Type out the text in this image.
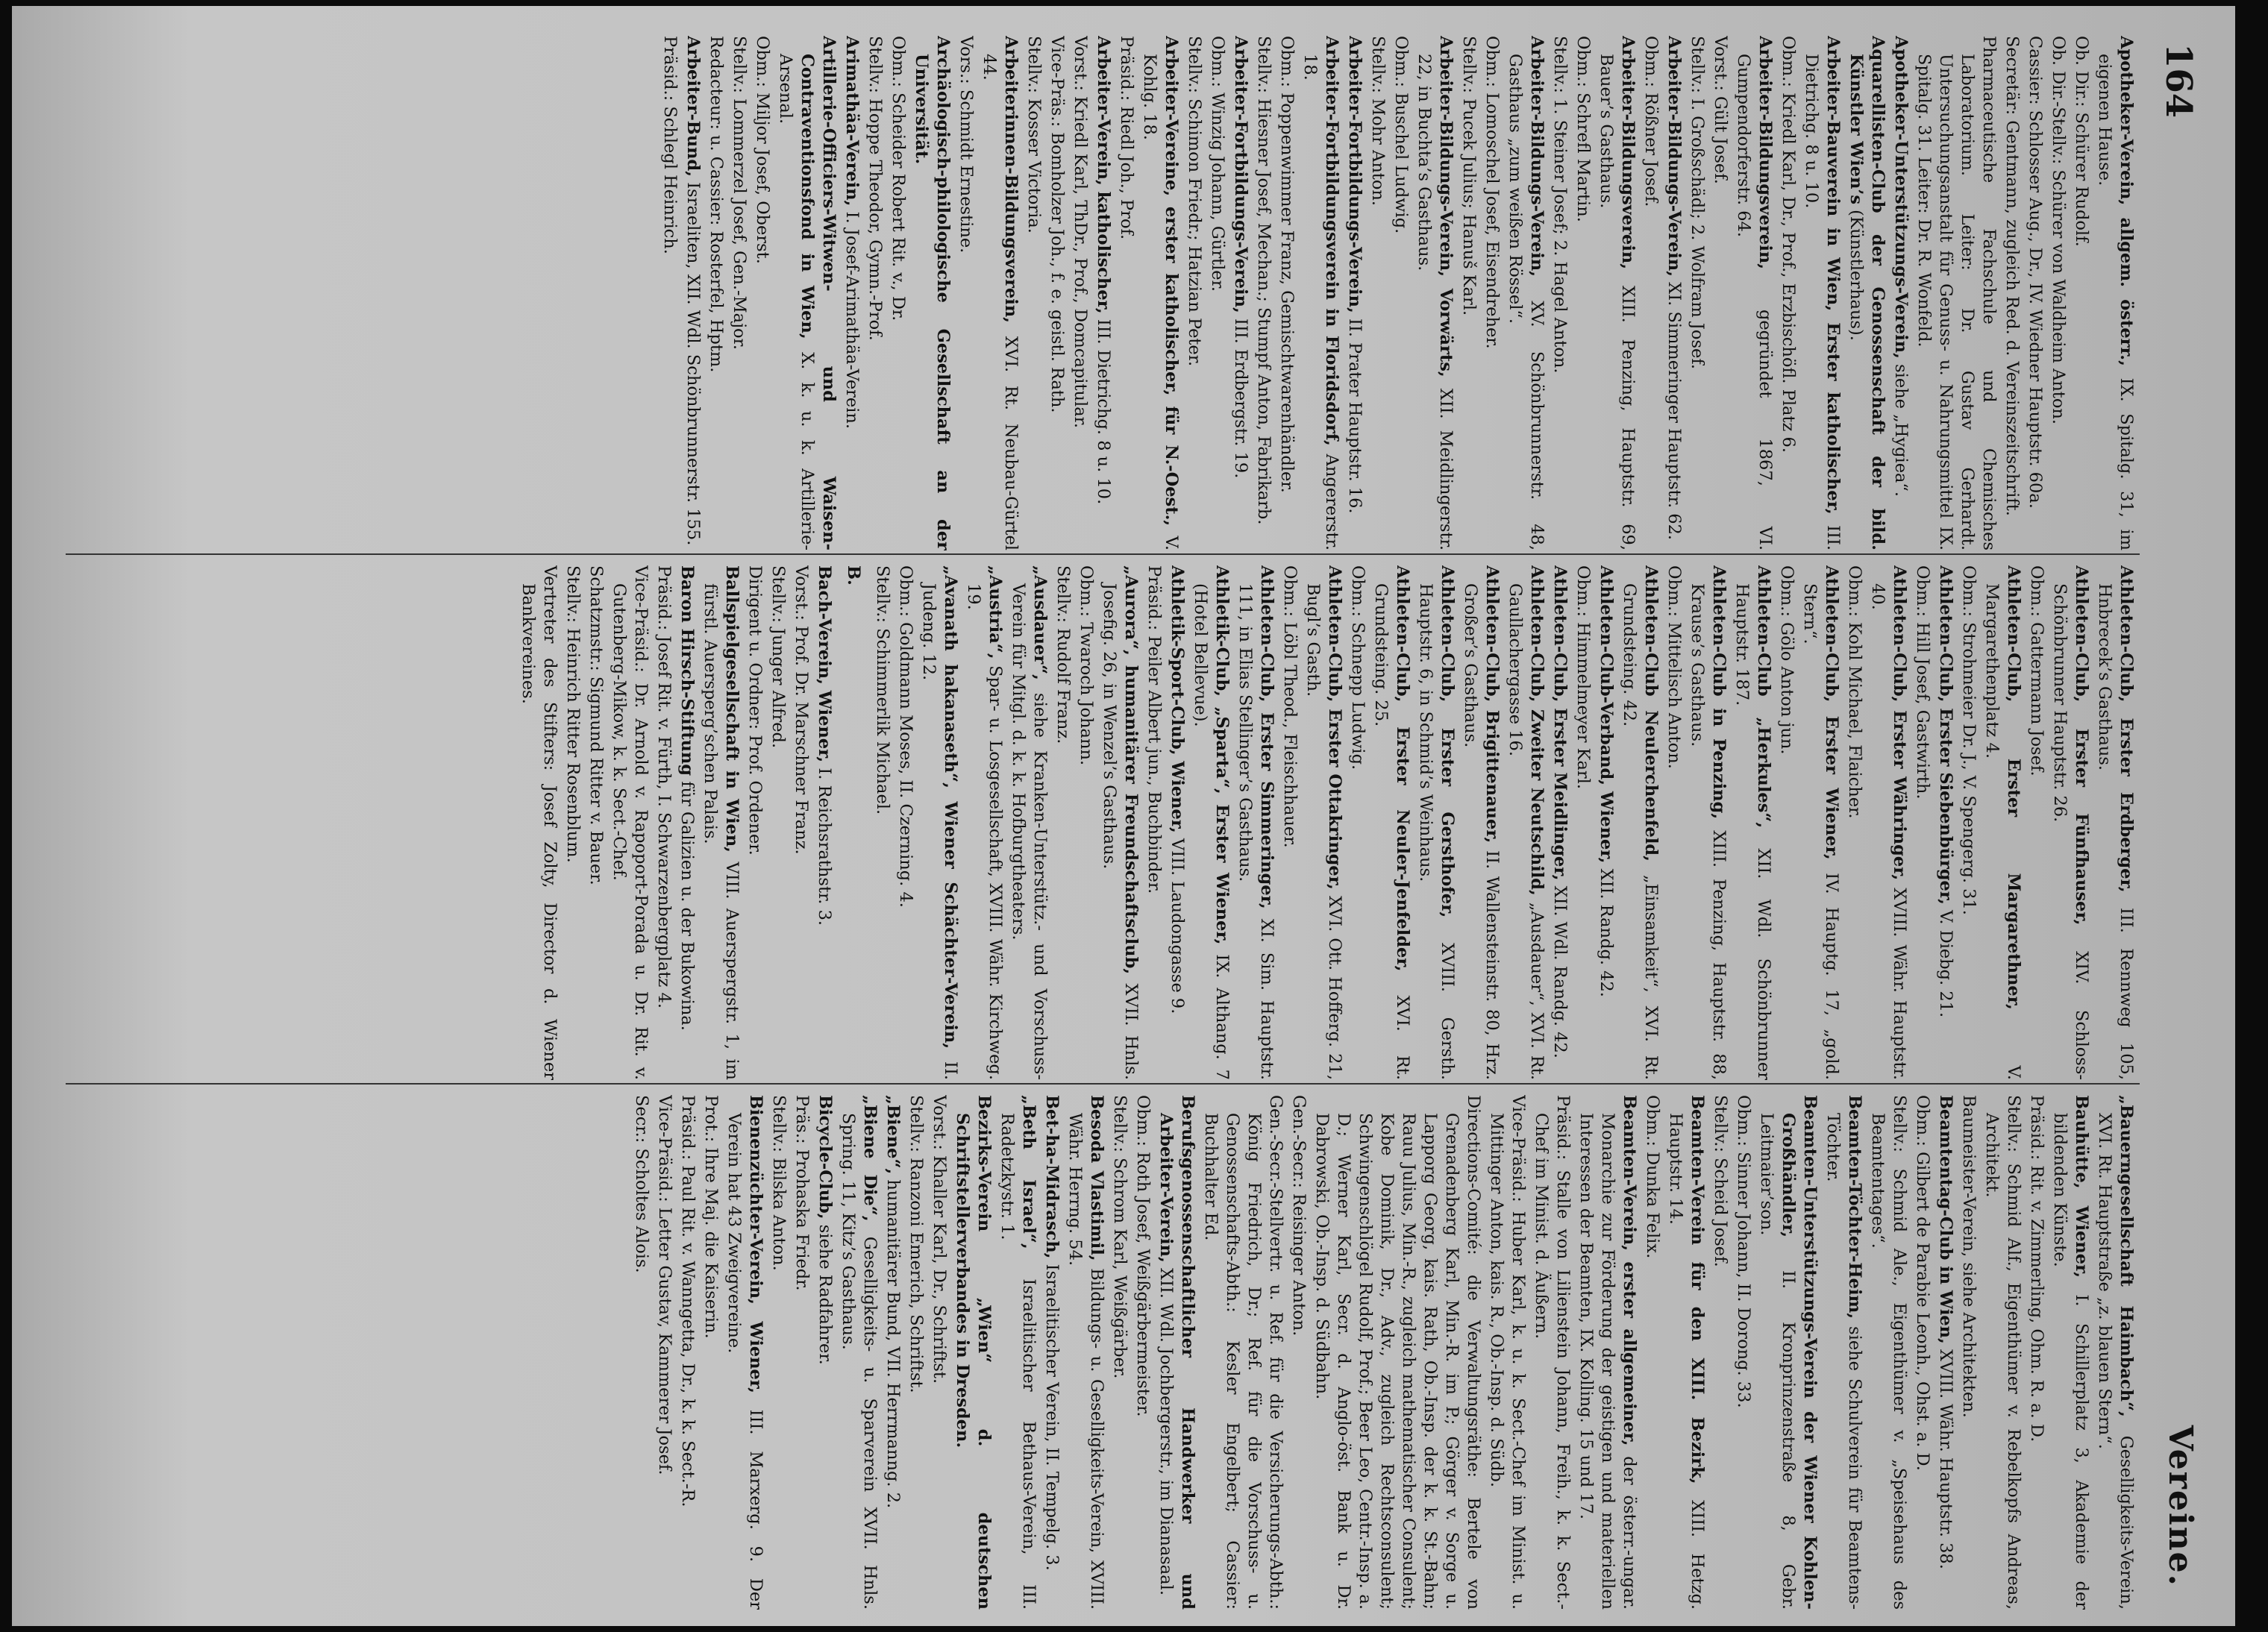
164
Vereine.

Apotheker-Verein, allgem. österr., IX. Spitalg. 31, im eigenen Hause.

Ob. Dir.: Schürer Rudolf.

Ob. Dir.-Stellv.: Schürer von Waldheim Anton.

Cassier: Schlosser Aug., Dr., IV. Wiedner Hauptstr. 60a.

Secretär: Gentmann, zugleich Red. d. Vereinszeitschrift.

Pharmaceutische Fachschule und Chemisches Laboratorium. Leiter: Dr. Gustav Gerhardt. Untersuchungsanstalt für Genuss- u. Nahrungsmittel IX. Spitalg. 31. Leiter: Dr. R. Wonfeld.

Apotheker-Unterstützungs-Verein, siehe „Hygiea“.

Aquarellisten-Club der Genossenschaft der bild. Künstler Wien’s (Künstlerhaus).

Arbeiter-Bauverein in Wien, Erster katholischer, III. Dietrichg. 8 u. 10.

Obm.: Kriedl Karl, Dr., Prof., Erzbischöfl. Platz 6.

Arbeiter-Bildungsverein, gegründet 1867, VI. Gumpendorferstr. 64.

Vorst.: Gült Josef.

Stellv.: I. Großschädl; 2. Wolfram Josef.

Arbeiter-Bildungs-Verein, XI. Simmeringer Hauptstr. 62.

Obm.: Rößner Josef.

Arbeiter-Bildungsverein, XIII. Penzing, Hauptstr. 69, Bauer’s Gasthaus.

Obm.: Schrefl Martin.

Stellv.: 1. Steiner Josef; 2. Hagel Anton.

Arbeiter-Bildungs-Verein, XV. Schönbrunnerstr. 48, Gasthaus „zum weißen Rössel“.

Obm.: Lomoschel Josef, Eisendreher.

Stellv.: Pucek Julius; Hanuš Karl.

Arbeiter-Bildungs-Verein, Vorwärts, XII. Meidlingerstr. 22, in Buchta’s Gasthaus.

Obm.: Buschel Ludwig.

Stellv.: Mohr Anton.

Arbeiter-Fortbildungs-Verein, II. Prater Hauptstr. 16.

Arbeiter-Fortbildungsverein in Floridsdorf, Angererstr. 18.

Obm.: Poppenwimmer Franz, Gemischtwarenhändler.

Stellv.: Hiesner Josef, Mechan.; Stumpf Anton, Fabrikarb.

Arbeiter-Fortbildungs-Verein, III. Erdbergstr. 19.

Obm.: Winzig Johann, Gürtler.

Stellv.: Schimon Friedr.; Hatzian Peter.

Arbeiter-Vereine, erster katholischer, für N.-Oest., V. Kohlg. 18.

Präsid.: Riedl Joh., Prof.

Arbeiter-Verein, katholischer, III. Dietrichg. 8 u. 10.

Vorst.: Kriedl Karl, ThDr., Prof., Domcapitular.

Vice-Präs.: Bomholzer Joh., f. e. geistl. Rath.

Stellv.: Kosser Victoria.

Arbeiterinnen-Bildungsverein, XVI. Rt. Neubau-Gürtel 44.

Vors.: Schmidt Ernestine.

Archäologisch-philologische Gesellschaft an der Universität.

Obm.: Scheider Robert Rit. v., Dr.

Stellv.: Hoppe Theodor, Gymn.-Prof.

Arimathäa-Verein, I. Josef-Arimathäa-Verein.

Artillerie-Officiers-Witwen- und Waisen-Contraventionsfond in Wien, X. k. u. k. Artillerie-Arsenal.

Obm.: Miljor Josef, Oberst.

Stellv.: Lommerzel Josef, Gen.-Major.

Redacteur: u. Cassier: Rosterfel, Hptm.

Arbeiter-Bund, Israeliten, XII. Wdl. Schönbrunnerstr. 155.

Präsid.: Schlegl Heinrich.

Athleten-Club, Erster Erdberger, III. Rennweg 105, Hnbrecek’s Gasthaus.

Athleten-Club, Erster Fünfhauser, XIV. Schloss-Schönbrunner Hauptstr. 26.

Obm.: Gattermann Josef.

Athleten-Club, Erster Margarethner, V. Margarethenplatz 4.

Obm.: Strohmeier Dr. J., V. Spengerg. 31.

Athleten-Club, Erster Siebenbürger, V. Diebg. 21.

Obm.: Hill Josef, Gastwirth.

Athleten-Club, Erster Währinger, XVIII. Währ. Hauptstr. 40.

Obm.: Kohl Michael, Flaicher.

Athleten-Club, Erster Wiener, IV. Hauptg. 17, „gold. Stern“.

Obm.: Gölo Anton jun.

Athleten-Club „Herkules“, XII. Wdl. Schönbrunner Hauptstr. 187.

Athleten-Club in Penzing, XIII. Penzing, Hauptstr. 88, Krause’s Gasthaus.

Obm.: Mittelisch Anton.

Athleten-Club Neulerchenfeld, „Einsamkeit“, XVI. Rt. Grundsteing. 42.

Athleten-Club-Verband, Wiener, XII. Randg. 42.

Obm.: Himmelmeyer Karl.

Athleten-Club, Erster Meidlinger, XII. Wdl. Randg. 42.

Athleten-Club, Zweiter Neutschild, „Ausdauer“, XVI. Rt. Gaullachergasse 16.

Athleten-Club, Brigittenauer, II. Wallensteinstr. 80, Hrz. Großer’s Gasthaus.

Athleten-Club, Erster Gersthofer, XVIII. Gersth. Hauptstr. 6, in Schmid’s Weinhaus.

Athleten-Club, Erster Neuler-Jenfelder, XVI. Rt. Grundsteing. 25.

Obm.: Schnepp Ludwig.

Athleten-Club, Erster Ottakringer, XVI. Ott. Hofferg. 21, Bugl’s Gasth.

Obm.: Löbl Theod., Fleischhauer.

Athleten-Club, Erster Simmeringer, XI. Sim. Hauptstr. 111, in Elias Stellinger’s Gasthaus.

Athletik-Club, „Sparta“, Erster Wiener, IX. Althang. 7 (Hotel Bellevue).

Athletik-Sport-Club, Wiener, VIII. Laudongasse 9.

Präsid.: Peiler Albert jun., Buchbinder.

„Aurora“, humanitärer Freundschaftsclub, XVII. Hnls. Josefig. 26, in Wenzel’s Gasthaus.

Obm.: Twaroch Johann.

Stellv.: Rudolf Franz.

„Ausdauer“, siehe Kranken-Unterstütz.- und Vorschuss-Verein für Mitgl. d. k. k. Hofburgtheaters.

„Austria“, Spar- u. Losgesellschaft, XVIII. Währ. Kirchweg. 19.

„Avanath hakanaseth“, Wiener Schächter-Verein, II. Judeng. 12.

Obm.: Goldmann Moses, II. Czerning. 4.

Stellv.: Schimmerlik Michael.

B.

Bach-Verein, Wiener, I. Reichsrathstr. 3.

Vorst.: Prof. Dr. Marschner Franz.

Stellv.: Junger Alfred.

Dirigent u. Ordner: Prof. Ordener.

Ballspielgesellschaft in Wien, VIII. Auerspergstr. 1, im fürstl. Auersperg’schen Palais.

Baron Hirsch-Stiftung für Galizien u. der Bukowina.

Präsid.: Josef Rit. v. Fürth, I. Schwarzenbergplatz 4.

Vice-Präsid.: Dr. Arnold v. Rapoport-Porada u. Dr. Rit. v. Gutenberg-Mikow, k. k. Sect.-Chef.

Schatzmstr.: Sigmund Ritter v. Bauer.

Stellv.: Heinrich Ritter Rosenblum.

Vertreter des Stifters: Josef Zolty, Director d. Wiener Bankvereines.

„Bauerngesellschaft Haimbach“, Geselligkeits-Verein, XVI. Rt. Hauptstraße „z. blauen Stern“.

Bauhütte, Wiener, I. Schillerplatz 3, Akademie der bildenden Künste.

Präsid.: Rit. v. Zimmerling, Ohm. R. a. D.

Stellv.: Schmid Alf., Eigenthümer v. Rebelkopfs Andreas, Architekt.

Baumeister-Verein, siehe Architekten.

Beamtentag-Club in Wien, XVIII. Währ. Hauptstr. 38.

Obm.: Gilbert de Parabie Leonh., Ohst. a. D.

Stellv.: Schmid Ale., Eigenthümer v. „Speisehaus des Beamtentages“.

Beamten-Töchter-Heim, siehe Schulverein für Beamtens-Töchter.

Beamten-Unterstützungs-Verein der Wiener Kohlen-Großhändler, II. Kronprinzenstraße 8, Gebr. Leitmaier’son.

Obm.: Sinner Johann, II. Dorong. 33.

Stellv.: Scheid Josef.

Beamten-Verein für den XIII. Bezirk, XIII. Hetzg. Hauptstr. 14.

Obm.: Dunka Felix.

Beamten-Verein, erster allgemeiner, der österr.-ungar. Monarchie zur Förderung der geistigen und materiellen Interessen der Beamten, IX. Kolling. 15 und 17.

Präsid.: Stalle von Lilienstein Johann, Freih., k. k. Sect.-Chef im Minist. d. Äußern.

Vice-Präsid.: Huber Karl, k. u. k. Sect.-Chef im Minist. u. Mittinger Anton, kais. R., Ob.-Insp. d. Südb.

Directions-Comité: die Verwaltungsräthe: Bertele von Grenadenberg Karl, Min.-R. im P.; Görger v. Sorge u. Lapporg Georg, kais. Rath, Ob.-Insp. der k. k. St.-Bahn; Rauu Julius, Min.-R., zugleich mathematischer Consulent; Kobe Dominik, Dr., Adv., zugleich Rechtsconsulent; Schwingenschlögel Rudolf, Prof.; Beer Leo, Centr.-Insp. a. D.; Werner Karl, Secr. d. Anglo-öst. Bank u. Dr. Dabrowski, Ob.-Insp. d. Südbahn.

Gen.-Secr.: Reisinger Anton.

Gen.-Secr.-Stellvertr. u. Ref. für die Versicherungs-Abth.: König Friedrich, Dr.; Ref. für die Vorschuss- u. Genossenschafts-Abth.: Kesler Engelbert; Cassier: Buchhalter Ed.

Berufsgenossenschaftlicher Handwerker und Arbeiter-Verein, XII. Wdl. Jochbergerstr., im Dianasaal.

Obm.: Roth Josef, Weißgärbermeister.

Stellv.: Schrom Karl, Weißgärber.

Besoda Vlastimil, Bildungs- u. Geselligkeits-Verein, XVIII. Währ. Herrng. 54.

Bet-ha-Midrasch, Israelitischer Verein, II. Tempelg. 3.

„Beth Israel“, Israelitischer Bethaus-Verein, III. Radetzkystr. 1.

Bezirks-Verein „Wien“ d. deutschen Schriftstellerverbandes in Dresden.

Vorst.: Khaller Karl, Dr., Schriftst.

Stellv.: Ranzoni Emerich, Schriftst.

„Biene“, humanitärer Bund, VII. Herrmanng. 2.

„Biene Die“, Geselligkeits- u. Sparverein XVII. Hnls. Spring. 11, Kitz’s Gasthaus.

Bicycle-Club, siehe Radfahrer.

Präs.: Prohaska Friedr.

Stellv.: Bilska Anton.

Bienenzüchter-Verein, Wiener, III. Marxerg. 9. Der Verein hat 43 Zweigvereine.

Prot.: Ihre Maj. die Kaiserin.

Präsid.: Paul Rit. v. Wanngetta, Dr., k. k. Sect.-R.

Vice-Präsid.: Letter Gustav, Kammerer Josef.

Secr.: Scholtes Alois.
